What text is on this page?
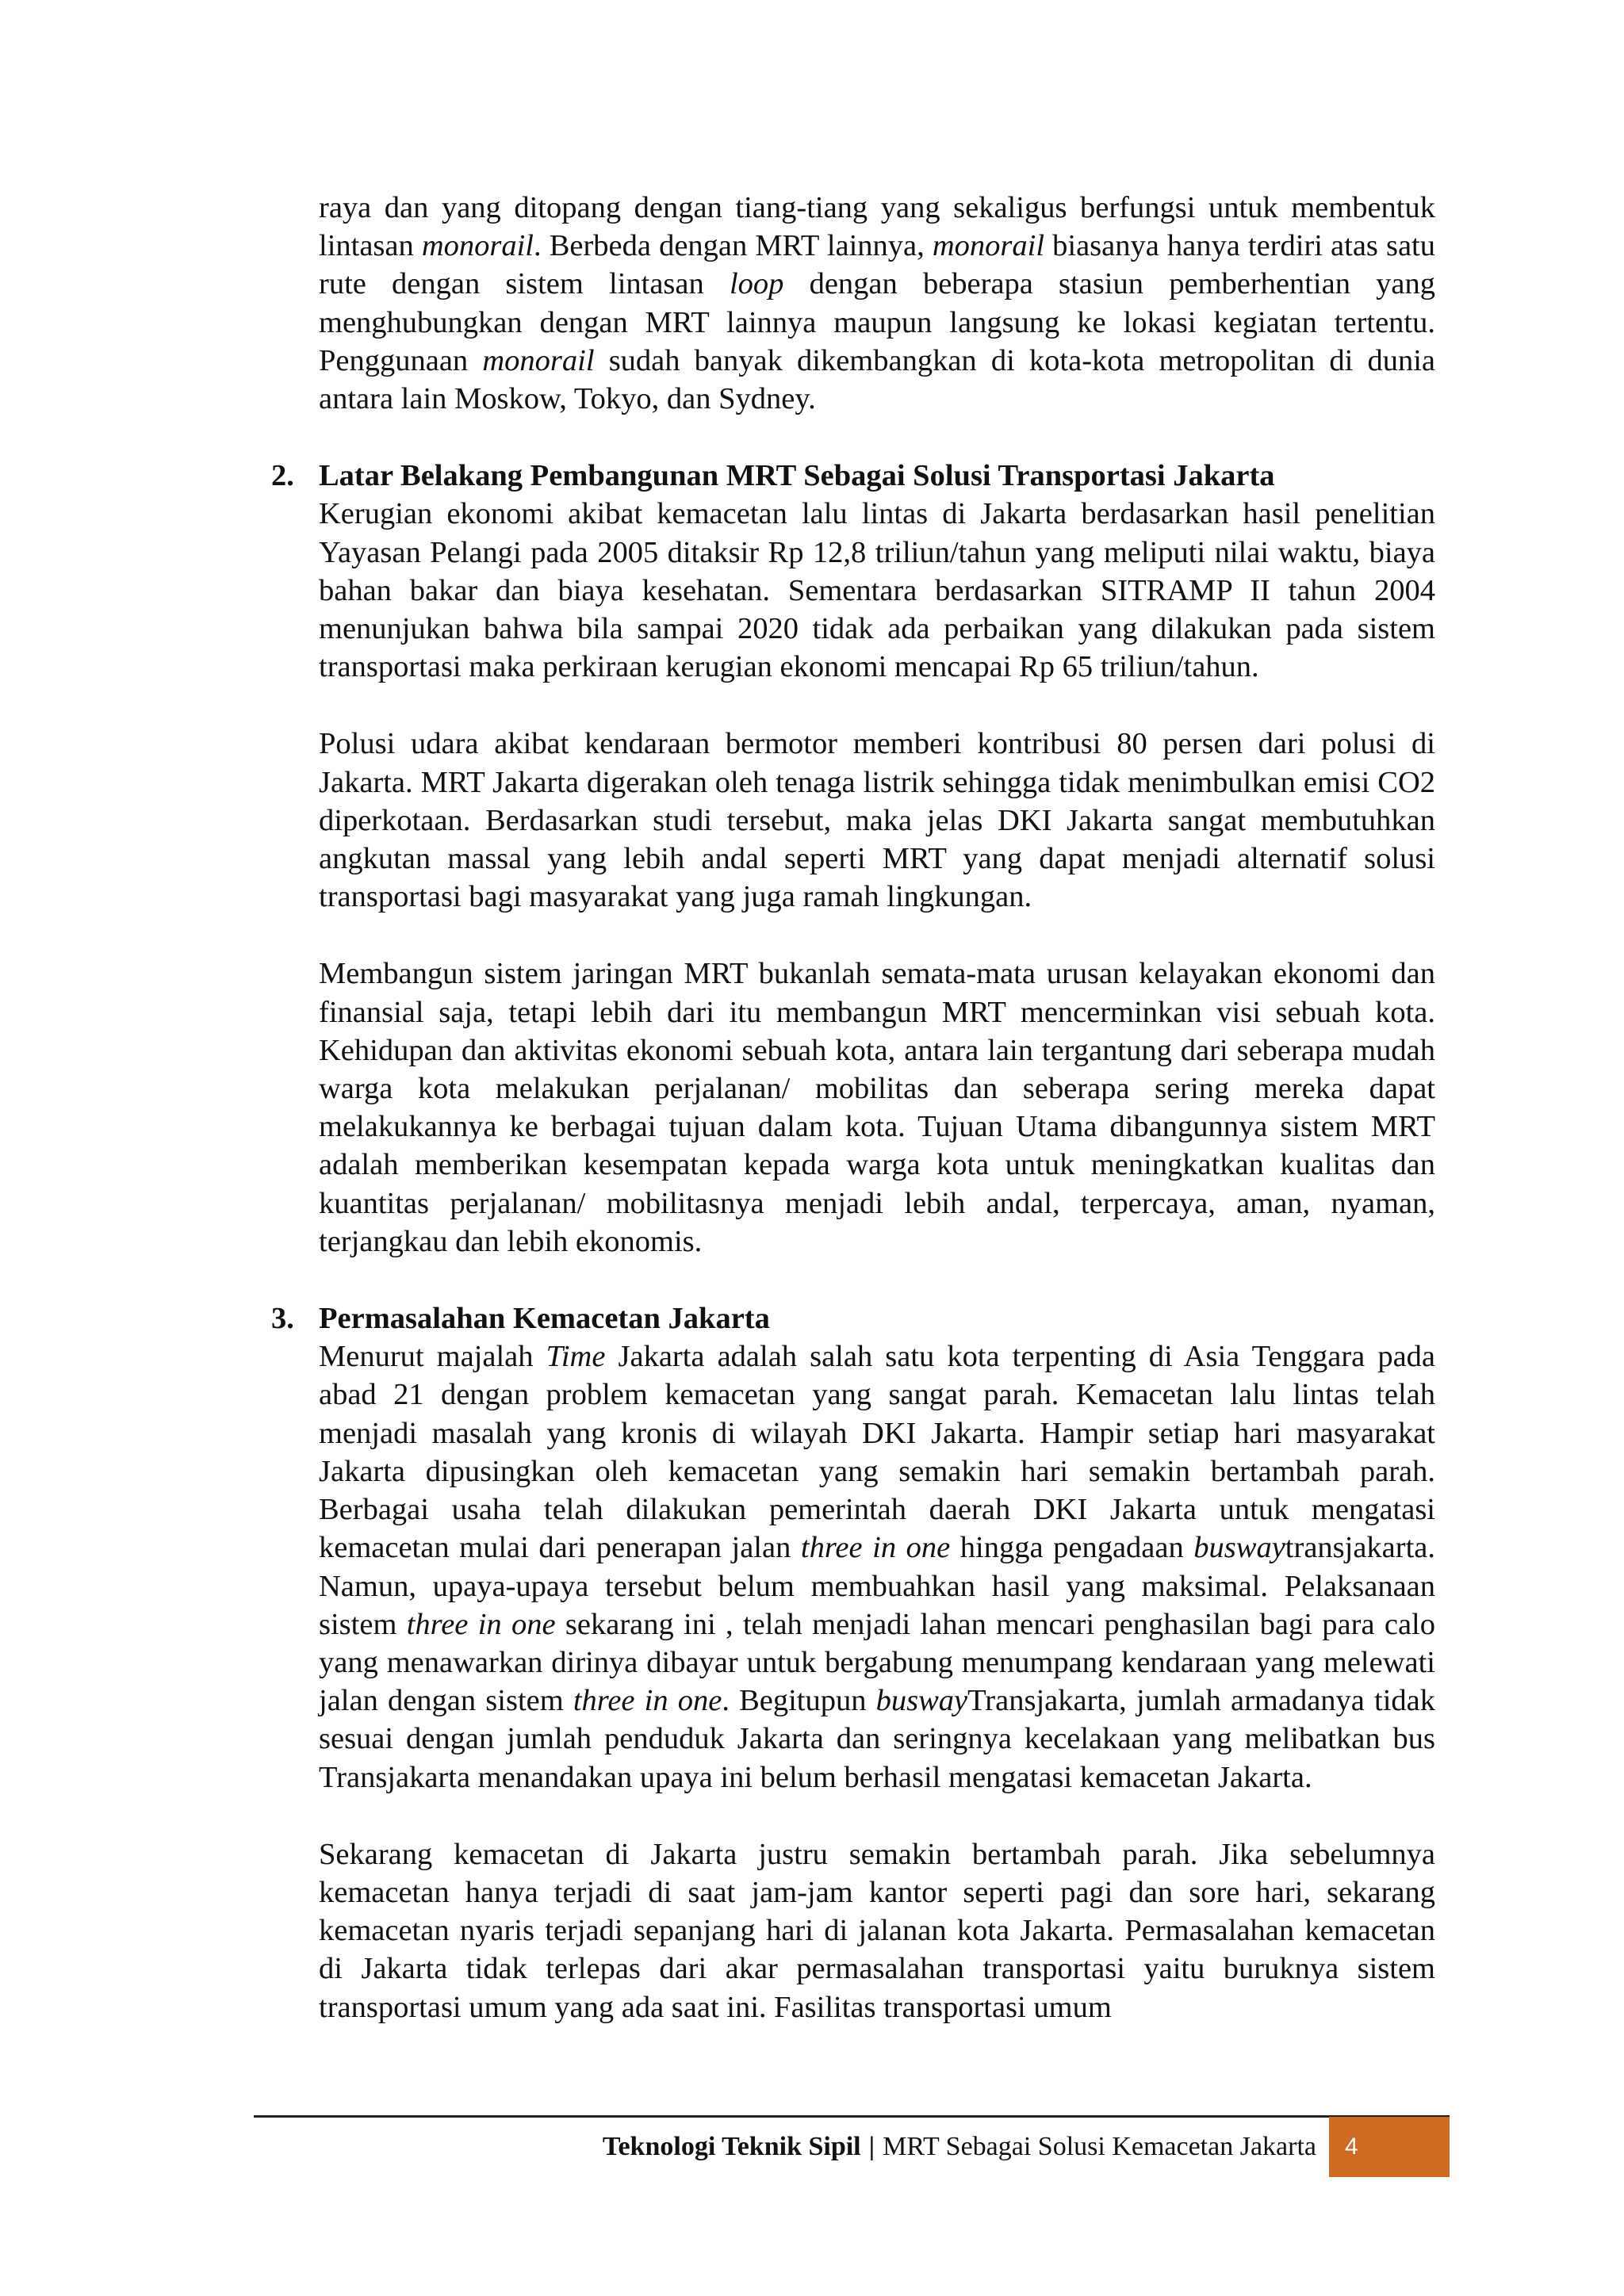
raya dan yang ditopang dengan tiang-tiang yang sekaligus berfungsi untuk membentuk lintasan monorail. Berbeda dengan MRT lainnya, monorail biasanya hanya terdiri atas satu rute dengan sistem lintasan loop dengan beberapa stasiun pemberhentian yang menghubungkan dengan MRT lainnya maupun langsung ke lokasi kegiatan tertentu. Penggunaan monorail sudah banyak dikembangkan di kota-kota metropolitan di dunia antara lain Moskow, Tokyo, dan Sydney.

2. Latar Belakang Pembangunan MRT Sebagai Solusi Transportasi Jakarta

Kerugian ekonomi akibat kemacetan lalu lintas di Jakarta berdasarkan hasil penelitian Yayasan Pelangi pada 2005 ditaksir Rp 12,8 triliun/tahun yang meliputi nilai waktu, biaya bahan bakar dan biaya kesehatan. Sementara berdasarkan SITRAMP II tahun 2004 menunjukan bahwa bila sampai 2020 tidak ada perbaikan yang dilakukan pada sistem transportasi maka perkiraan kerugian ekonomi mencapai Rp 65 triliun/tahun.

Polusi udara akibat kendaraan bermotor memberi kontribusi 80 persen dari polusi di Jakarta. MRT Jakarta digerakan oleh tenaga listrik sehingga tidak menimbulkan emisi CO2 diperkotaan. Berdasarkan studi tersebut, maka jelas DKI Jakarta sangat membutuhkan angkutan massal yang lebih andal seperti MRT yang dapat menjadi alternatif solusi transportasi bagi masyarakat yang juga ramah lingkungan.

Membangun sistem jaringan MRT bukanlah semata-mata urusan kelayakan ekonomi dan finansial saja, tetapi lebih dari itu membangun MRT mencerminkan visi sebuah kota. Kehidupan dan aktivitas ekonomi sebuah kota, antara lain tergantung dari seberapa mudah warga kota melakukan perjalanan/ mobilitas dan seberapa sering mereka dapat melakukannya ke berbagai tujuan dalam kota. Tujuan Utama dibangunnya sistem MRT adalah memberikan kesempatan kepada warga kota untuk meningkatkan kualitas dan kuantitas perjalanan/ mobilitasnya menjadi lebih andal, terpercaya, aman, nyaman, terjangkau dan lebih ekonomis.

3. Permasalahan Kemacetan Jakarta

Menurut majalah Time Jakarta adalah salah satu kota terpenting di Asia Tenggara pada abad 21 dengan problem kemacetan yang sangat parah. Kemacetan lalu lintas telah menjadi masalah yang kronis di wilayah DKI Jakarta. Hampir setiap hari masyarakat Jakarta dipusingkan oleh kemacetan yang semakin hari semakin bertambah parah. Berbagai usaha telah dilakukan pemerintah daerah DKI Jakarta untuk mengatasi kemacetan mulai dari penerapan jalan three in one hingga pengadaan buswaytransjakarta. Namun, upaya-upaya tersebut belum membuahkan hasil yang maksimal. Pelaksanaan sistem three in one sekarang ini , telah menjadi lahan mencari penghasilan bagi para calo yang menawarkan dirinya dibayar untuk bergabung menumpang kendaraan yang melewati jalan dengan sistem three in one. Begitupun buswayTransjakarta, jumlah armadanya tidak sesuai dengan jumlah penduduk Jakarta dan seringnya kecelakaan yang melibatkan bus Transjakarta menandakan upaya ini belum berhasil mengatasi kemacetan Jakarta.

Sekarang kemacetan di Jakarta justru semakin bertambah parah. Jika sebelumnya kemacetan hanya terjadi di saat jam-jam kantor seperti pagi dan sore hari, sekarang kemacetan nyaris terjadi sepanjang hari di jalanan kota Jakarta. Permasalahan kemacetan di Jakarta tidak terlepas dari akar permasalahan transportasi yaitu buruknya sistem transportasi umum yang ada saat ini. Fasilitas transportasi umum

Teknologi Teknik Sipil | MRT Sebagai Solusi Kemacetan Jakarta	4
